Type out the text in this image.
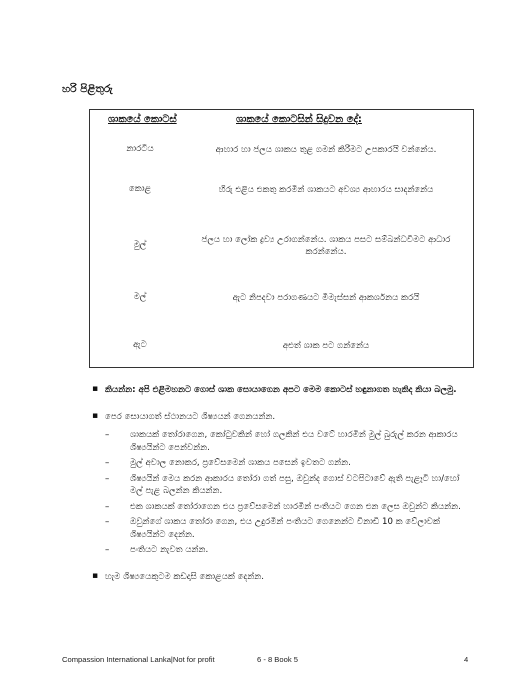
හරි පිළිතුරු
ශාකයේ කොටස්	ශාකයේ කොටසින් සිදුවන දේ:
නාරටිය	ආහාර හා ජලය ශාකය තුළ ගමන් කිරීමට උපකාරයි වන්නේය.
කොළ	හිරු එළිය එකතු කරමින් ශාකයට අවශ්‍ය ආහාරය සාදන්නේය
මුල්	ජලය හා ලෝක ද්‍රව්‍ය උරාගන්නේය. ශාකය පසට සම්බන්ධවීමට ආධාර කරන්නේය.
මල්	ඇට නිපදවා පරාගණයට මීමැස්සන් ආකර්ශනය කරයි
ඇට	අළුත් ශාක පට ගන්නේය
▪ කියන්න: අපි එළිමහනට ගොස් ශාක සොයාගෙන අපට මෙම කොටස් හඳුනාගත හැකිද කියා බලමු.
▪ පෙර සොයාගත් ස්ථානයට ශිෂ්‍යයන් ගෙනයන්න.
– ශාකයක් තෝරාගෙන, කෝටුවකින් හෝ ගලකින් එය වටේ හාරමින් මුල් බුරුල් කරන ආකාරය ශිෂ්‍යයින්ට පෙන්වන්න.
– මුල් අවාල නොකර, ප්‍රවේසමෙන් ශාකය පසෙන් ඉවතට ගන්න.
– ශිෂ්‍යයින් මෙය කරන ආකාරය තෝරා ගත් පසු, ඔවුන්ද ගොස් වටපිටාවේ ඇති පැළෑටි හා/හෝ මල් පැළ බලන්න කියන්න.
– එක ශාකයක් තෝරාගෙන එය ප්‍රවේසමෙන් හාරමින් පංතියට ගෙන එන ලෙස ඔවුන්ට කියන්න.
– ඔවුන්ගේ ශාකය තෝරා ගෙන, එය උදුරමින් පංතියට ගෙනෙන්ට විනාඩි 10 ක වේලාවක් ශිෂ්‍යයින්ට දෙන්න.
– පංතියට නැවත යන්න.
▪ හැම ශිෂ්‍යයෙකුටම කඩදාසි කොළයක් දෙන්න.
Compassion International Lanka|Not for profit	6 - 8 Book 5	4
